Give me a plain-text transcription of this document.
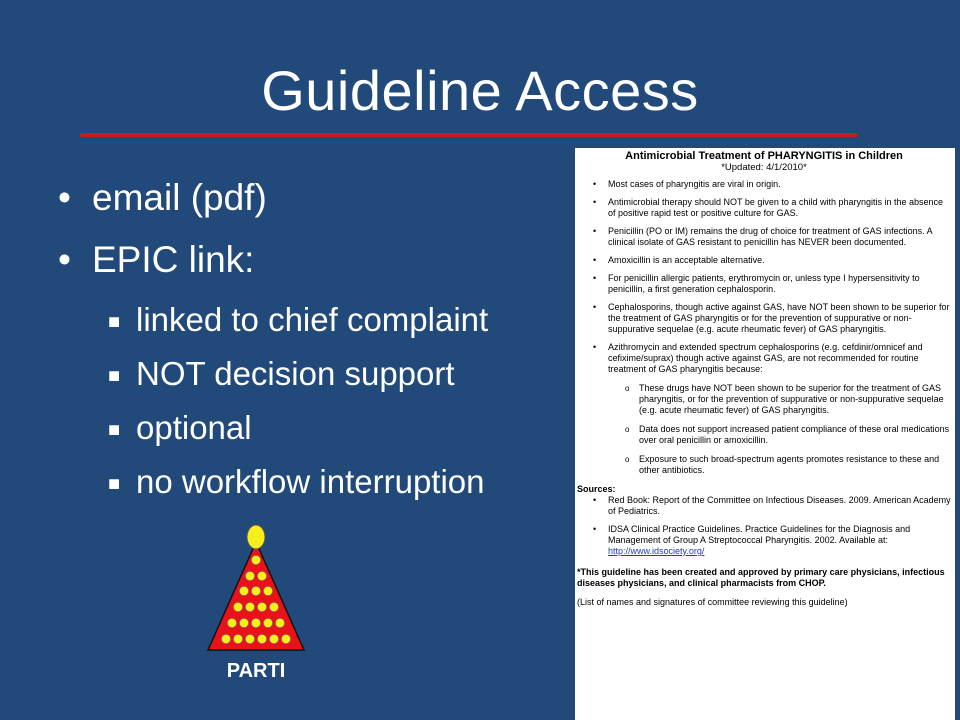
Guideline Access
• email (pdf)
• EPIC link:
■ linked to chief complaint
■ NOT decision support
■ optional
■ no workflow interruption
PARTI
Antimicrobial Treatment of PHARYNGITIS in Children
*Updated: 4/1/2010*
• Most cases of pharyngitis are viral in origin.
• Antimicrobial therapy should NOT be given to a child with pharyngitis in the absence of positive rapid test or positive culture for GAS.
• Penicillin (PO or IM) remains the drug of choice for treatment of GAS infections. A clinical isolate of GAS resistant to penicillin has NEVER been documented.
• Amoxicillin is an acceptable alternative.
• For penicillin allergic patients, erythromycin or, unless type I hypersensitivity to penicillin, a first generation cephalosporin.
• Cephalosporins, though active against GAS, have NOT been shown to be superior for the treatment of GAS pharyngitis or for the prevention of suppurative or non-suppurative sequelae (e.g. acute rheumatic fever) of GAS pharyngitis.
• Azithromycin and extended spectrum cephalosporins (e.g. cefdinir/omnicef and cefixime/suprax) though active against GAS, are not recommended for routine treatment of GAS pharyngitis because:
o These drugs have NOT been shown to be superior for the treatment of GAS pharyngitis, or for the prevention of suppurative or non-suppurative sequelae (e.g. acute rheumatic fever) of GAS pharyngitis.
o Data does not support increased patient compliance of these oral medications over oral penicillin or amoxicillin.
o Exposure to such broad-spectrum agents promotes resistance to these and other antibiotics.
Sources:
• Red Book: Report of the Committee on Infectious Diseases. 2009. American Academy of Pediatrics.
• IDSA Clinical Practice Guidelines. Practice Guidelines for the Diagnosis and Management of Group A Streptococcal Pharyngitis. 2002. Available at:
http://www.idsociety.org/
*This guideline has been created and approved by primary care physicians, infectious diseases physicians, and clinical pharmacists from CHOP.
(List of names and signatures of committee reviewing this guideline)
